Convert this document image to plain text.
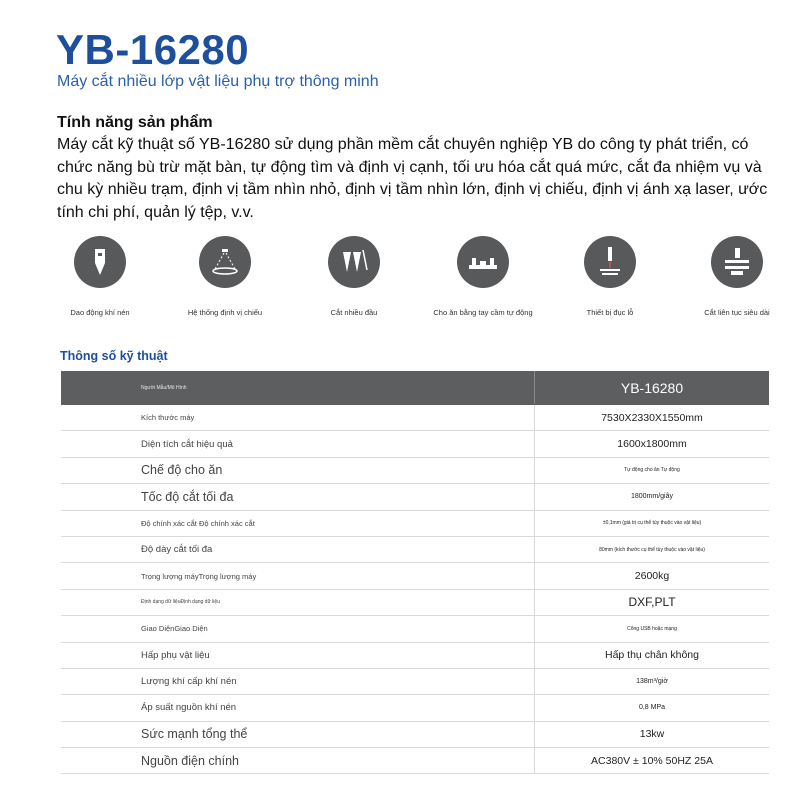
YB-16280
Máy cắt nhiều lớp vật liệu phụ trợ thông minh
Tính năng sản phẩm
Máy cắt kỹ thuật số YB-16280 sử dụng phần mềm cắt chuyên nghiệp YB do công ty phát triển, có chức năng bù trừ mặt bàn, tự động tìm và định vị cạnh, tối ưu hóa cắt quá mức, cắt đa nhiệm vụ và chu kỳ nhiều trạm, định vị tầm nhìn nhỏ, định vị tầm nhìn lớn, định vị chiếu, định vị ánh xạ laser, ước tính chi phí, quản lý tệp, v.v.
Dao động khí nén	Hệ thống định vị chiếu	Cắt nhiều đầu	Cho ăn bằng tay cầm tự động	Thiết bị đục lỗ	Cắt liên tục siêu dài
Thông số kỹ thuật
Người Mẫu/Mô Hình	YB-16280
Kích thước máy	7530X2330X1550mm
Diện tích cắt hiệu quả	1600x1800mm
Chế độ cho ăn	Tự động cho ăn Tự động
Tốc độ cắt tối đa	1800mm/giây
Độ chính xác cắt Độ chính xác cắt	±0,1mm (giá trị cụ thể tùy thuộc vào vật liệu)
Độ dày cắt tối đa	80mm (kích thước cụ thể tùy thuộc vào vật liệu)
Trọng lượng máyTrọng lượng máy	2600kg
Định dạng dữ liệuĐịnh dạng dữ liệu	DXF,PLT
Giao DiệnGiao Diện	Cổng USB hoặc mạng
Hấp phụ vật liệu	Hấp thụ chân không
Lượng khí cấp khí nén	138m³/giờ
Áp suất nguồn khí nén	0,8 MPa
Sức mạnh tổng thể	13kw
Nguồn điện chính	AC380V ± 10% 50HZ 25A
